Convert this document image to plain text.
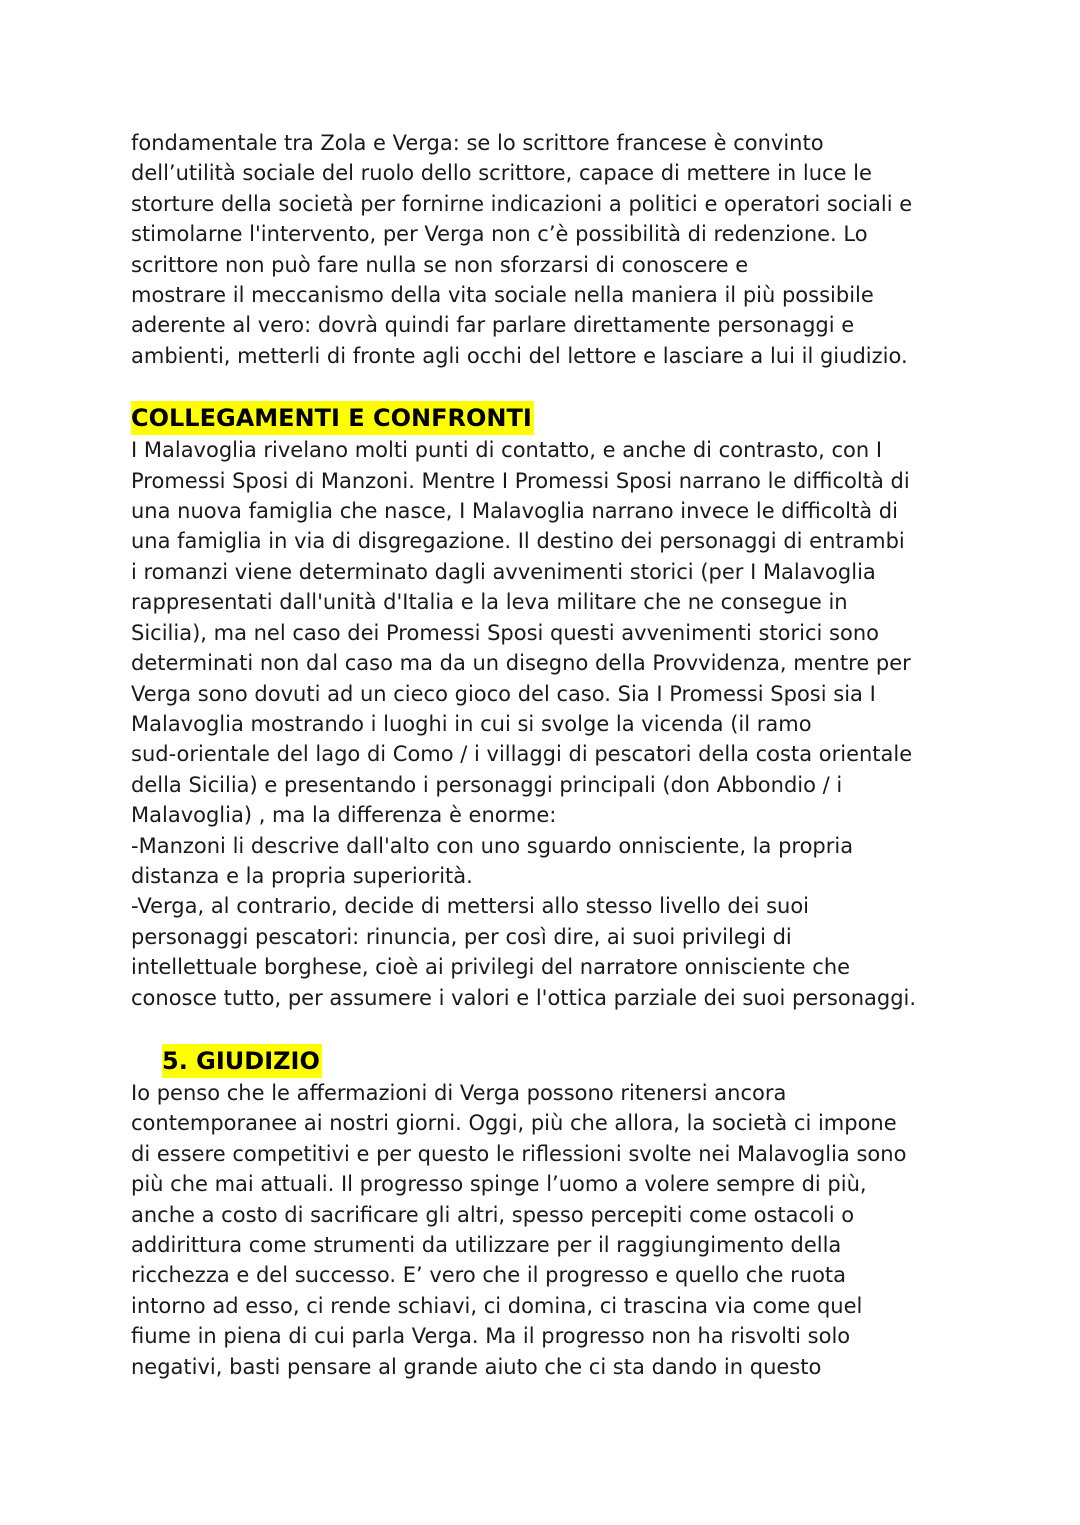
fondamentale tra Zola e Verga: se lo scrittore francese è convinto
dell’utilità sociale del ruolo dello scrittore, capace di mettere in luce le
storture della società per fornirne indicazioni a politici e operatori sociali e
stimolarne l'intervento, per Verga non c’è possibilità di redenzione. Lo
scrittore non può fare nulla se non sforzarsi di conoscere e
mostrare il meccanismo della vita sociale nella maniera il più possibile
aderente al vero: dovrà quindi far parlare direttamente personaggi e
ambienti, metterli di fronte agli occhi del lettore e lasciare a lui il giudizio.
COLLEGAMENTI E CONFRONTI
I Malavoglia rivelano molti punti di contatto, e anche di contrasto, con I
Promessi Sposi di Manzoni. Mentre I Promessi Sposi narrano le difficoltà di
una nuova famiglia che nasce, I Malavoglia narrano invece le difficoltà di
una famiglia in via di disgregazione. Il destino dei personaggi di entrambi
i romanzi viene determinato dagli avvenimenti storici (per I Malavoglia
rappresentati dall'unità d'Italia e la leva militare che ne consegue in
Sicilia), ma nel caso dei Promessi Sposi questi avvenimenti storici sono
determinati non dal caso ma da un disegno della Provvidenza, mentre per
Verga sono dovuti ad un cieco gioco del caso. Sia I Promessi Sposi sia I
Malavoglia mostrando i luoghi in cui si svolge la vicenda (il ramo
sud-orientale del lago di Como / i villaggi di pescatori della costa orientale
della Sicilia) e presentando i personaggi principali (don Abbondio / i
Malavoglia) , ma la differenza è enorme:
-Manzoni li descrive dall'alto con uno sguardo onnisciente, la propria
distanza e la propria superiorità.
-Verga, al contrario, decide di mettersi allo stesso livello dei suoi
personaggi pescatori: rinuncia, per così dire, ai suoi privilegi di
intellettuale borghese, cioè ai privilegi del narratore onnisciente che
conosce tutto, per assumere i valori e l'ottica parziale dei suoi personaggi.
5. GIUDIZIO
Io penso che le affermazioni di Verga possono ritenersi ancora
contemporanee ai nostri giorni. Oggi, più che allora, la società ci impone
di essere competitivi e per questo le riflessioni svolte nei Malavoglia sono
più che mai attuali. Il progresso spinge l’uomo a volere sempre di più,
anche a costo di sacrificare gli altri, spesso percepiti come ostacoli o
addirittura come strumenti da utilizzare per il raggiungimento della
ricchezza e del successo. E’ vero che il progresso e quello che ruota
intorno ad esso, ci rende schiavi, ci domina, ci trascina via come quel
fiume in piena di cui parla Verga. Ma il progresso non ha risvolti solo
negativi, basti pensare al grande aiuto che ci sta dando in questo
